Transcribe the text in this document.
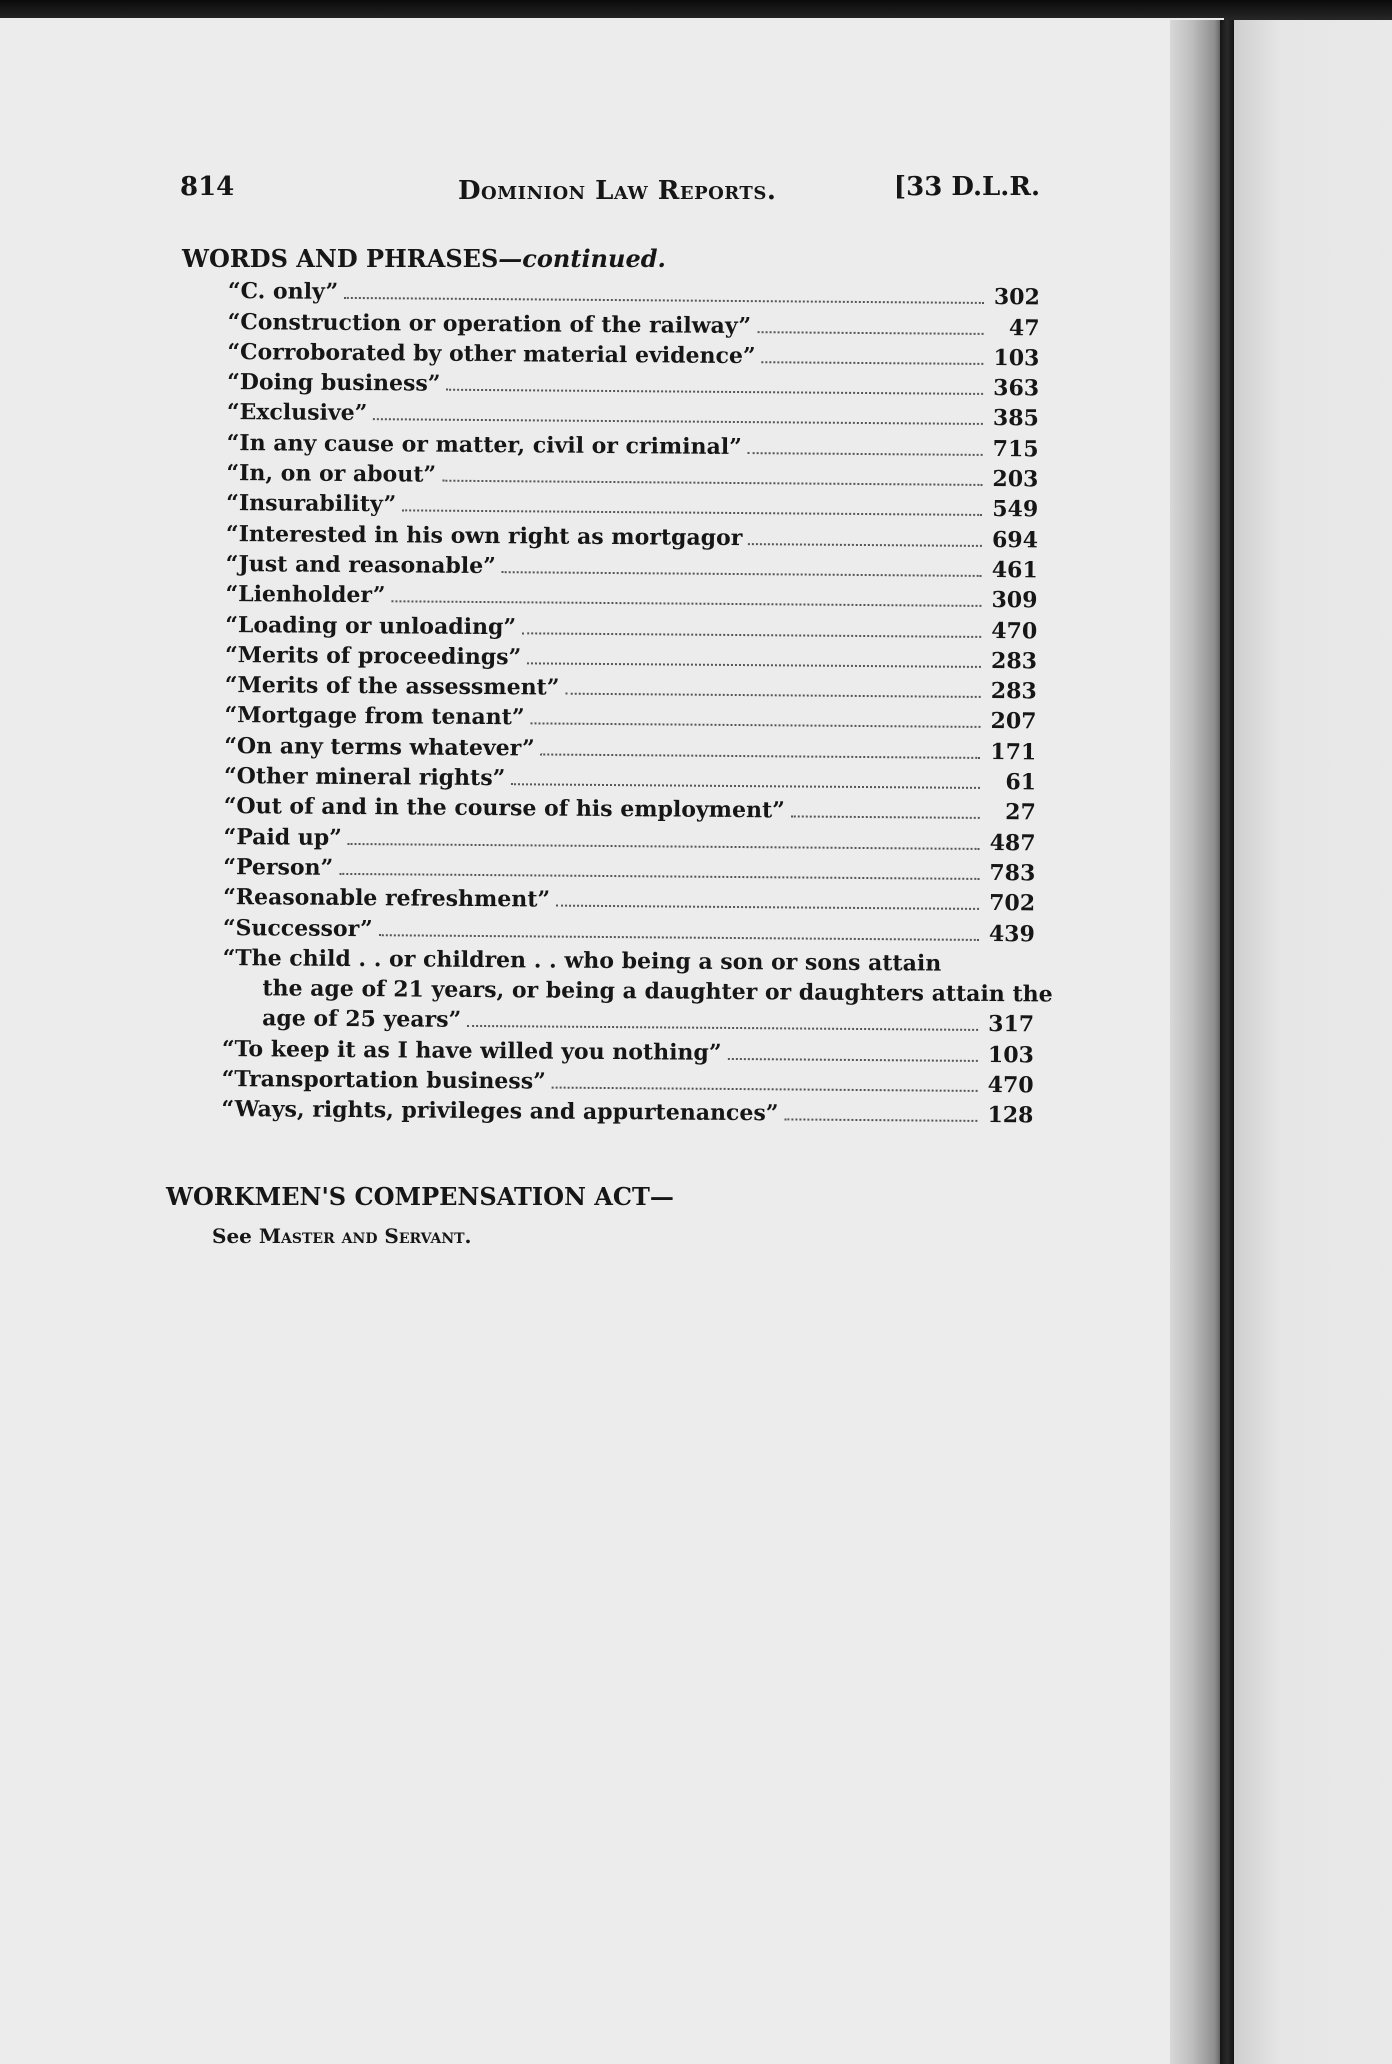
814	Dominion Law Reports.	[33 D.L.R.
WORDS AND PHRASES—continued.
“C. only”	302
“Construction or operation of the railway”	47
“Corroborated by other material evidence”	103
“Doing business”	363
“Exclusive”	385
“In any cause or matter, civil or criminal”	715
“In, on or about”	203
“Insurability”	549
“Interested in his own right as mortgagor	694
“Just and reasonable”	461
“Lienholder”	309
“Loading or unloading”	470
“Merits of proceedings”	283
“Merits of the assessment”	283
“Mortgage from tenant”	207
“On any terms whatever”	171
“Other mineral rights”	61
“Out of and in the course of his employment”	27
“Paid up”	487
“Person”	783
“Reasonable refreshment”	702
“Successor”	439
“The child . . or children . . who being a son or sons attain
the age of 21 years, or being a daughter or daughters attain the
age of 25 years”	317
“To keep it as I have willed you nothing”	103
“Transportation business”	470
“Ways, rights, privileges and appurtenances”	128
WORKMEN'S COMPENSATION ACT—
See Master and Servant.
